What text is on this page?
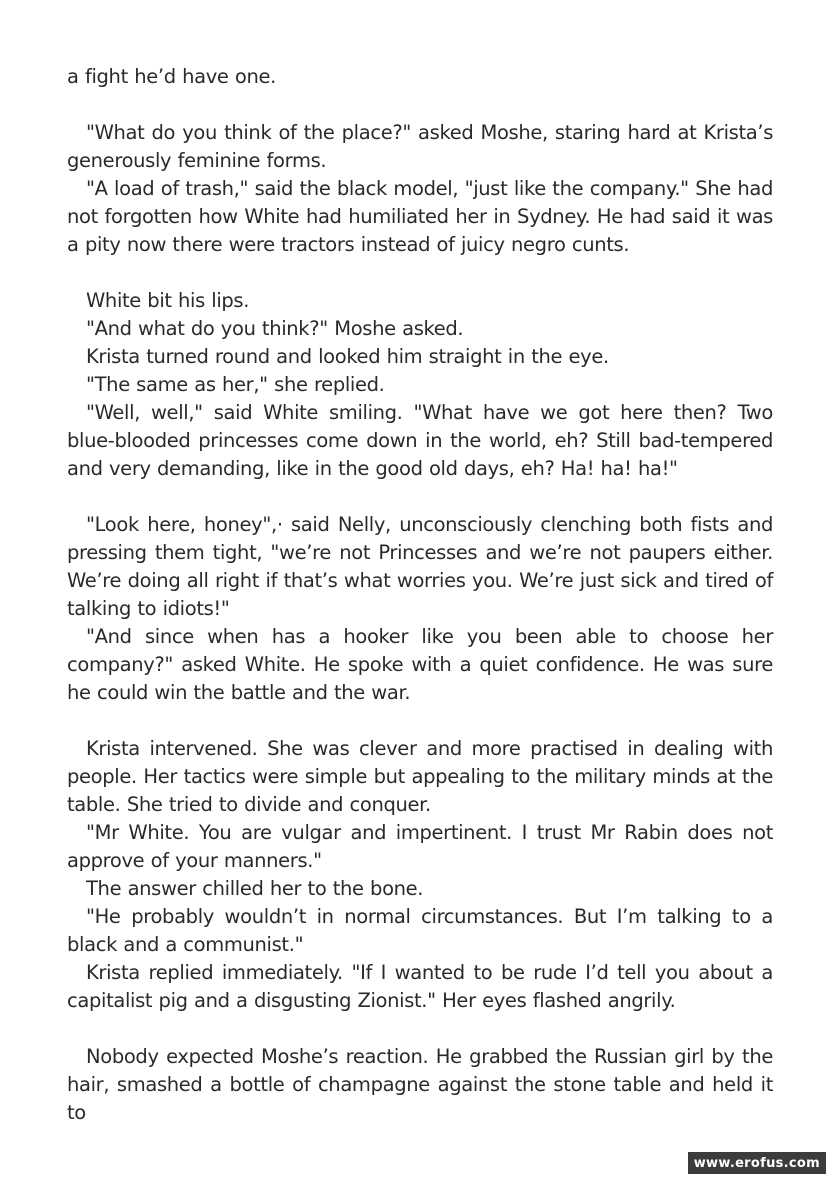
a fight he’d have one.

"What do you think of the place?" asked Moshe, staring hard at Krista’s generously feminine forms.

"A load of trash," said the black model, "just like the company." She had not forgotten how White had humiliated her in Sydney. He had said it was a pity now there were tractors instead of juicy negro cunts.

White bit his lips.

"And what do you think?" Moshe asked.

Krista turned round and looked him straight in the eye.

"The same as her," she replied.

"Well, well," said White smiling. "What have we got here then? Two blue-blooded princesses come down in the world, eh? Still bad-tempered and very demanding, like in the good old days, eh? Ha! ha! ha!"

"Look here, honey",· said Nelly, unconsciously clenching both fists and pressing them tight, "we’re not Princesses and we’re not paupers either. We’re doing all right if that’s what worries you. We’re just sick and tired of talking to idiots!"

"And since when has a hooker like you been able to choose her company?" asked White. He spoke with a quiet confidence. He was sure he could win the battle and the war.

Krista intervened. She was clever and more practised in dealing with people. Her tactics were simple but appealing to the military minds at the table. She tried to divide and conquer.

"Mr White. You are vulgar and impertinent. I trust Mr Rabin does not approve of your manners."

The answer chilled her to the bone.

"He probably wouldn’t in normal circumstances. But I’m talking to a black and a communist."

Krista replied immediately. "If I wanted to be rude I’d tell you about a capitalist pig and a disgusting Zionist." Her eyes flashed angrily.

Nobody expected Moshe’s reaction. He grabbed the Russian girl by the hair, smashed a bottle of champagne against the stone table and held it to

www.erofus.com
